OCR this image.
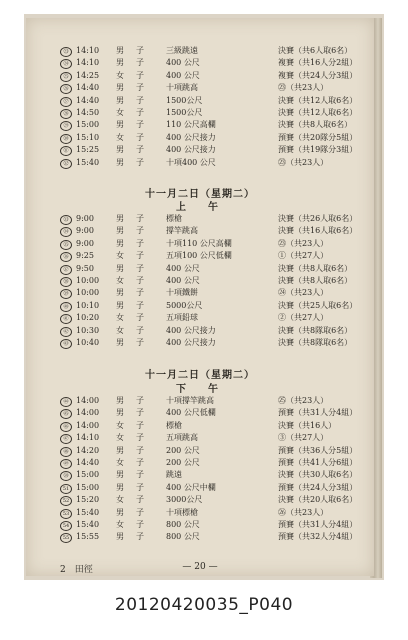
㉓ 14:10	男 子	三級跳遠	決賽（共6人取6名）
㉔ 14:10	男 子	400 公尺	複賽（共16人分2組）
㉕ 14:25	女 子	400 公尺	複賽（共24人分3組）
㉖ 14:40	男 子	十項跳高	㉓（共23人）
㉗ 14:40	男 子	1500公尺	決賽（共12人取6名）
㉘ 14:50	女 子	1500公尺	決賽（共12人取6名）
㉙ 15:00	男 子	110 公尺高欄	決賽（共8人取6名）
㉚ 15:10	女 子	400 公尺接力	預賽（共20隊分5組）
㉛ 15:25	男 子	400 公尺接力	預賽（共19隊分3組）
㉜ 15:40	男 子	十項400 公尺	㉓（共23人）
十一月二日（星期二）
上　午
㉝ 9:00	男 子	標槍	決賽（共26人取6名）
㉞ 9:00	男 子	撐竿跳高	決賽（共16人取6名）
㉟ 9:00	男 子	十項110 公尺高欄	㉓（共23人）
㊱ 9:25	女 子	五項100 公尺低欄	①（共27人）
㊲ 9:50	男 子	400 公尺	決賽（共8人取6名）
㊳ 10:00	女 子	400 公尺	決賽（共8人取6名）
㊴ 10:00	男 子	十項鐵餅	㉔（共23人）
㊵ 10:10	男 子	5000公尺	決賽（共25人取6名）
㊶ 10:20	女 子	五項鉛球	②（共27人）
㊷ 10:30	女 子	400 公尺接力	決賽（共8隊取6名）
㊸ 10:40	男 子	400 公尺接力	決賽（共8隊取6名）
十一月二日（星期二）
下　午
㊹ 14:00	男 子	十項撐竿跳高	㉕（共23人）
㊺ 14:00	男 子	400 公尺低欄	預賽（共31人分4組）
㊻ 14:00	女 子	標槍	決賽（共16人）
㊼ 14:10	女 子	五項跳高	③（共27人）
㊽ 14:20	男 子	200 公尺	預賽（共36人分5組）
㊾ 14:40	女 子	200 公尺	預賽（共41人分6組）
㊿ 15:00	男 子	跳遠	決賽（共30人取6名）
51 15:00	男 子	400 公尺中欄	預賽（共24人分3組）
52 15:20	女 子	3000公尺	決賽（共20人取6名）
53 15:40	男 子	十項標槍	㉖（共23人）
54 15:40	女 子	800 公尺	預賽（共31人分4組）
55 15:55	男 子	800 公尺	預賽（共32人分4組）
2　田徑	— 20 —
20120420035_P040
